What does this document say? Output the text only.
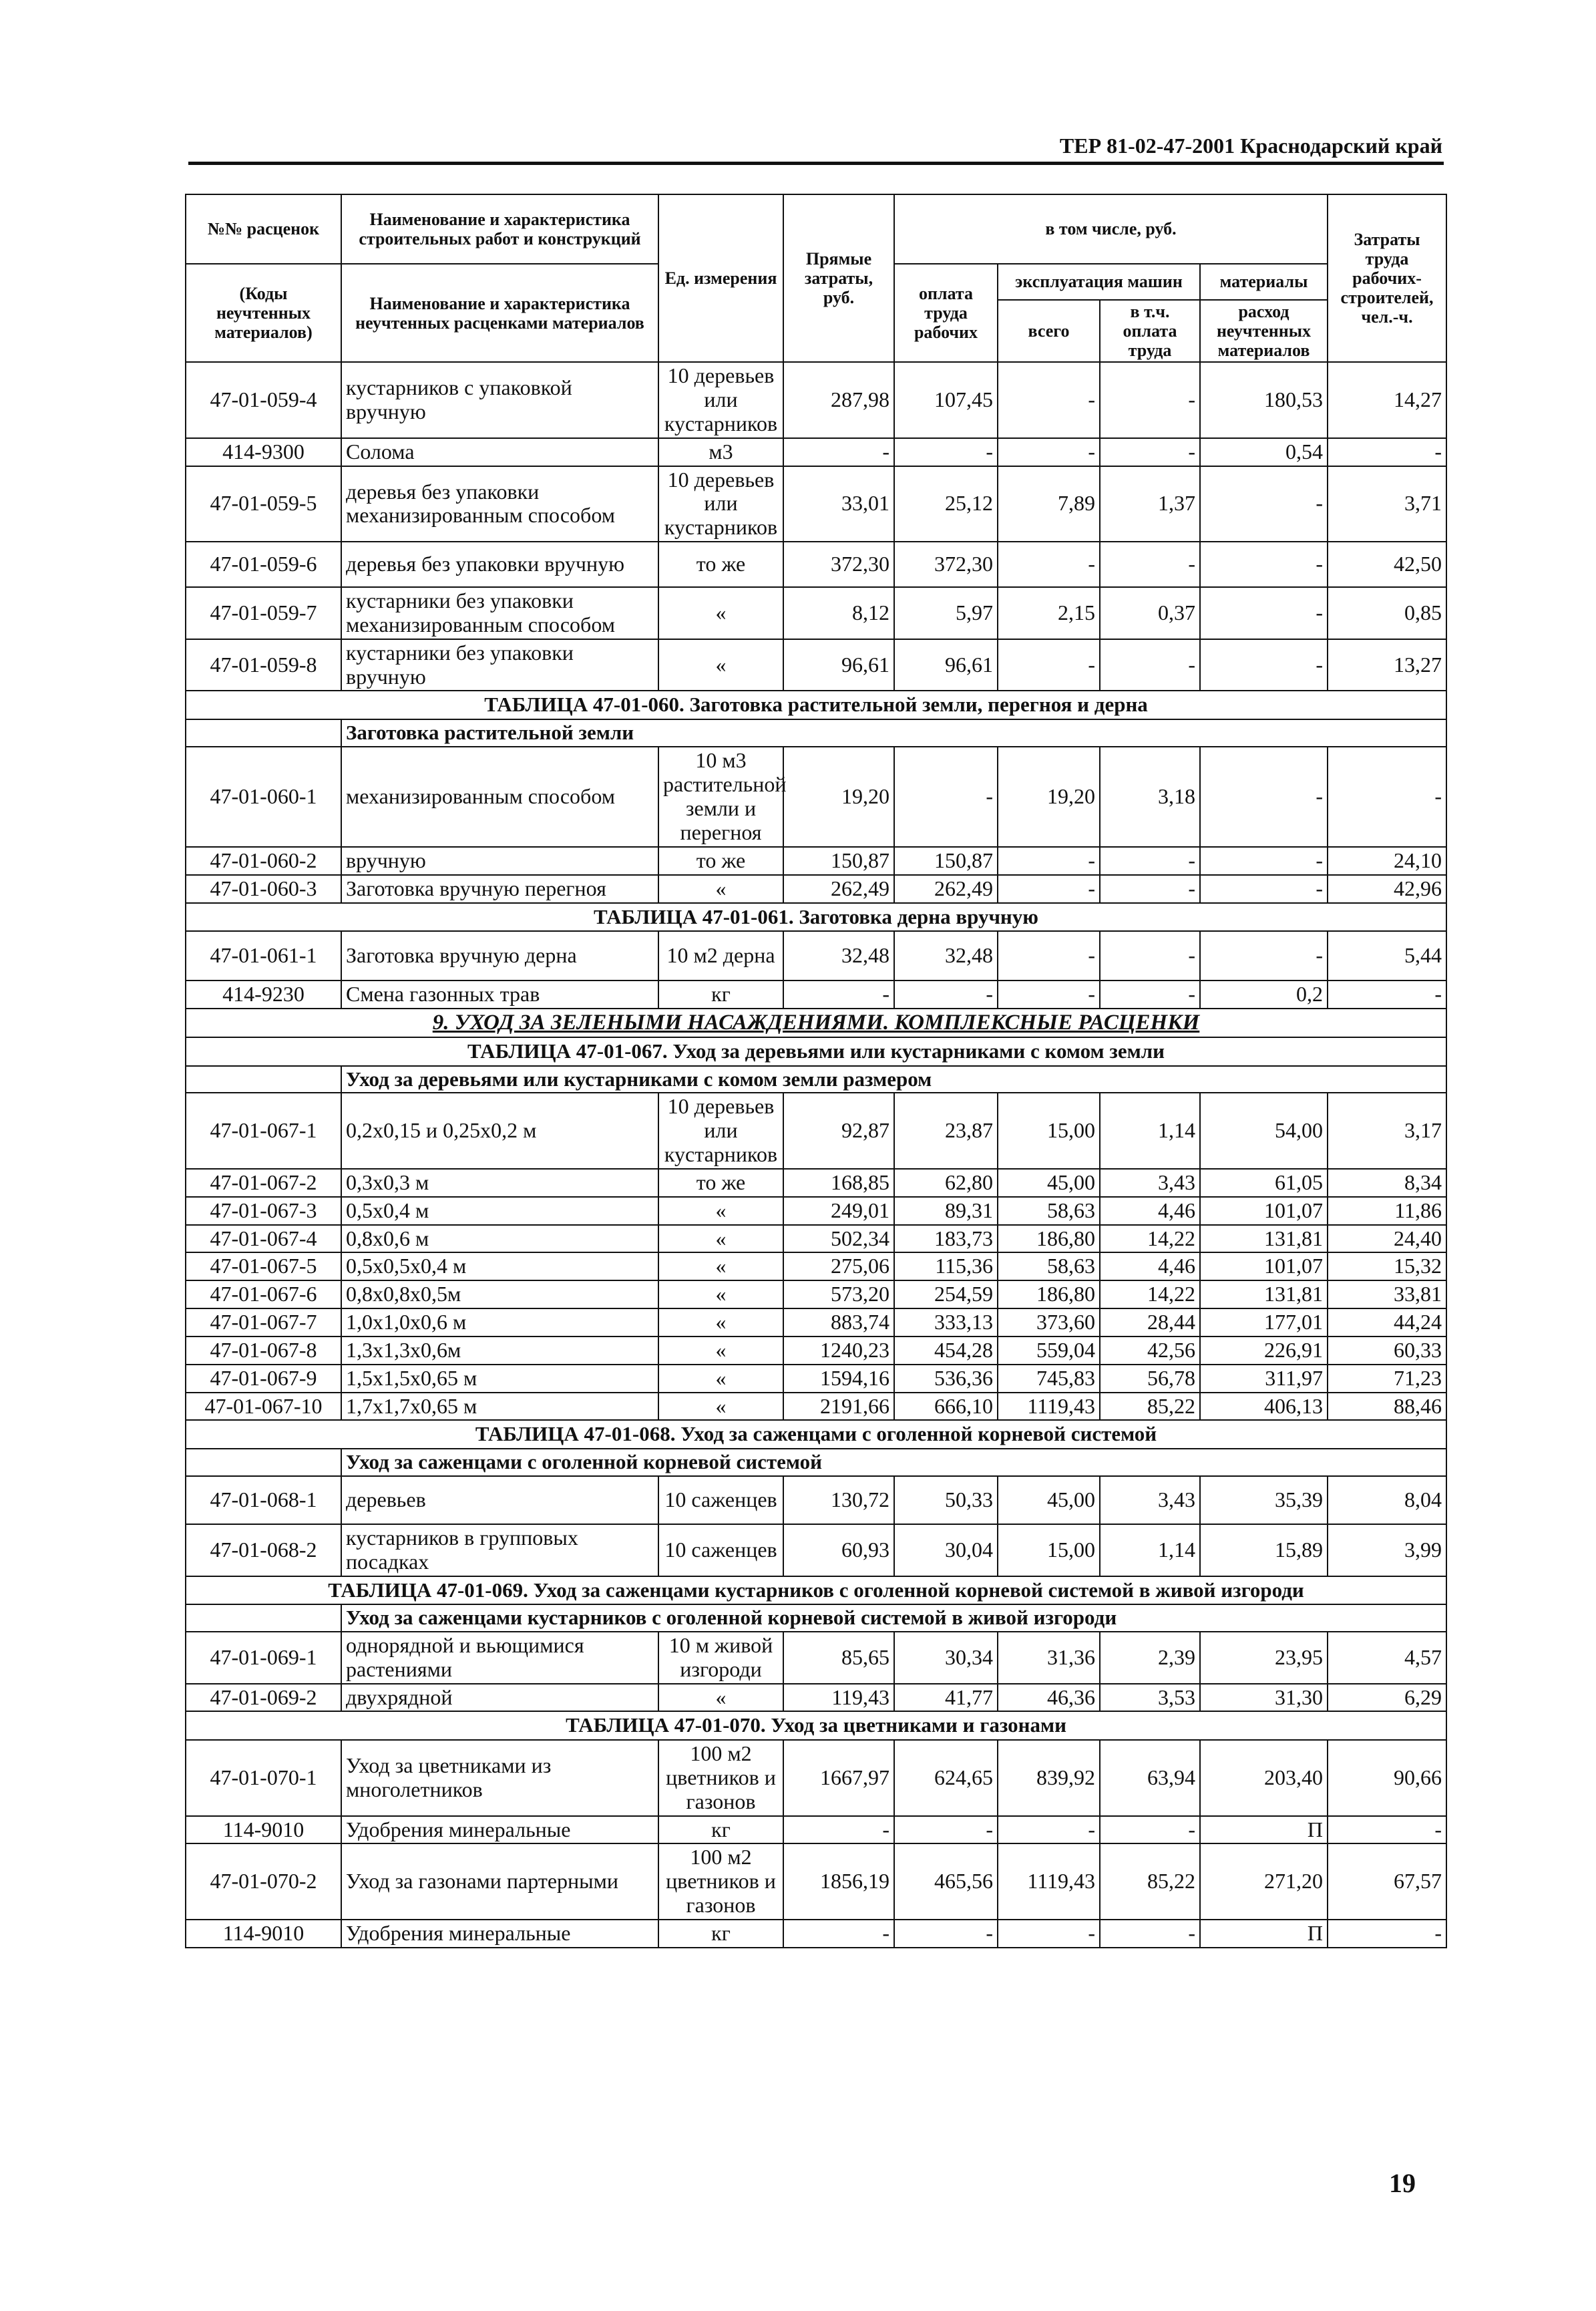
ТЕР 81-02-47-2001 Краснодарский край
№№ расценок	Наименование и характеристика строительных работ и конструкций	Ед. измерения	Прямые затраты, руб.	в том числе, руб.				Затраты труда рабочих-строителей, чел.-ч.	
(Коды неучтенных материалов)	Наименование и характеристика неучтенных расценками материалов			оплата труда рабочих	эксплуатация машин		материалы		
					всего	в т.ч. оплата труда	расход неучтенных материалов		

47-01-059-4	кустарников с упаковкой вручную	10 деревьев или кустарников	287,98	107,45	-	-	180,53	14,27	
414-9300	Солома	м3	-	-	-	-	0,54	-	
47-01-059-5	деревья без упаковки механизированным способом	10 деревьев или кустарников	33,01	25,12	7,89	1,37	-	3,71	
47-01-059-6	деревья без упаковки вручную	то же	372,30	372,30	-	-	-	42,50	
47-01-059-7	кустарники без упаковки механизированным способом	«	8,12	5,97	2,15	0,37	-	0,85	
47-01-059-8	кустарники без упаковки вручную	«	96,61	96,61	-	-	-	13,27	
ТАБЛИЦА 47-01-060. Заготовка растительной земли, перегноя и дерна									
	Заготовка растительной земли								
47-01-060-1	механизированным способом	10 м3 растительной земли и перегноя	19,20	-	19,20	3,18	-	-	
47-01-060-2	вручную	то же	150,87	150,87	-	-	-	24,10	
47-01-060-3	Заготовка вручную перегноя	«	262,49	262,49	-	-	-	42,96	
ТАБЛИЦА 47-01-061. Заготовка дерна вручную									
47-01-061-1	Заготовка вручную дерна	10 м2 дерна	32,48	32,48	-	-	-	5,44	
414-9230	Смена газонных трав	кг	-	-	-	-	0,2	-	
9. УХОД ЗА ЗЕЛЕНЫМИ НАСАЖДЕНИЯМИ. КОМПЛЕКСНЫЕ РАСЦЕНКИ									
ТАБЛИЦА 47-01-067. Уход за деревьями или кустарниками с комом земли									
	Уход за деревьями или кустарниками с комом земли размером								
47-01-067-1	0,2х0,15 и 0,25х0,2 м	10 деревьев или кустарников	92,87	23,87	15,00	1,14	54,00	3,17	
47-01-067-2	0,3х0,3 м	то же	168,85	62,80	45,00	3,43	61,05	8,34	
47-01-067-3	0,5х0,4 м	«	249,01	89,31	58,63	4,46	101,07	11,86	
47-01-067-4	0,8х0,6 м	«	502,34	183,73	186,80	14,22	131,81	24,40	
47-01-067-5	0,5х0,5х0,4 м	«	275,06	115,36	58,63	4,46	101,07	15,32	
47-01-067-6	0,8х0,8х0,5м	«	573,20	254,59	186,80	14,22	131,81	33,81	
47-01-067-7	1,0х1,0х0,6 м	«	883,74	333,13	373,60	28,44	177,01	44,24	
47-01-067-8	1,3х1,3х0,6м	«	1240,23	454,28	559,04	42,56	226,91	60,33	
47-01-067-9	1,5х1,5х0,65 м	«	1594,16	536,36	745,83	56,78	311,97	71,23	
47-01-067-10	1,7х1,7х0,65 м	«	2191,66	666,10	1119,43	85,22	406,13	88,46	
ТАБЛИЦА 47-01-068. Уход за саженцами с оголенной корневой системой									
	Уход за саженцами с оголенной корневой системой								
47-01-068-1	деревьев	10 саженцев	130,72	50,33	45,00	3,43	35,39	8,04	
47-01-068-2	кустарников в групповых посадках	10 саженцев	60,93	30,04	15,00	1,14	15,89	3,99	
ТАБЛИЦА 47-01-069. Уход за саженцами кустарников с оголенной корневой системой в живой изгороди									
	Уход за саженцами кустарников с оголенной корневой системой в живой изгороди								
47-01-069-1	однорядной и вьющимися растениями	10 м живой изгороди	85,65	30,34	31,36	2,39	23,95	4,57	
47-01-069-2	двухрядной	«	119,43	41,77	46,36	3,53	31,30	6,29	
ТАБЛИЦА 47-01-070. Уход за цветниками и газонами									
47-01-070-1	Уход за цветниками из многолетников	100 м2 цветников и газонов	1667,97	624,65	839,92	63,94	203,40	90,66	
114-9010	Удобрения минеральные	кг	-	-	-	-	П	-	
47-01-070-2	Уход за газонами партерными	100 м2 цветников и газонов	1856,19	465,56	1119,43	85,22	271,20	67,57	
114-9010	Удобрения минеральные	кг	-	-	-	-	П	-	
19
